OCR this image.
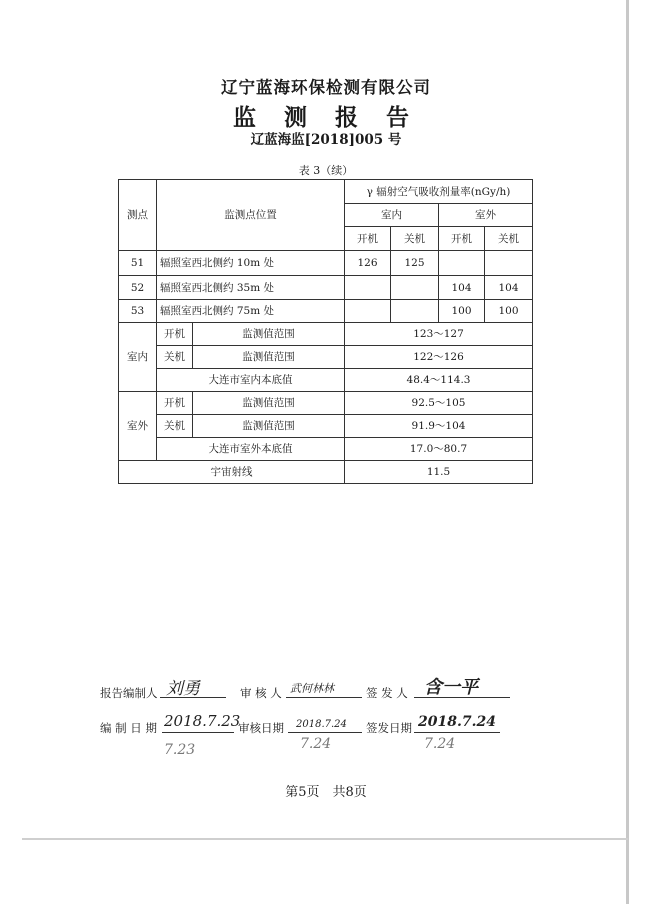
辽宁蓝海环保检测有限公司
监 测 报 告
辽蓝海监[2018]005 号
表 3（续）
测点	监测点位置		γ 辐射空气吸收剂量率(nGy/h)			
			室内		室外	
			开机	关机	开机	关机
51	辐照室西北侧约 10m 处		126	125		
52	辐照室西北侧约 35m 处				104	104
53	辐照室西北侧约 75m 处				100	100
室内	开机	监测值范围	123～127			
	关机	监测值范围	122～126			
	大连市室内本底值		48.4～114.3			
室外	开机	监测值范围	92.5～105			
	关机	监测值范围	91.9～104			
	大连市室外本底值		17.0～80.7			
宇宙射线			11.5			
报告编制人 刘勇	审 核 人 武何林林	签 发 人 含一平
编 制 日 期 2018.7.23
审核日期 2018.7.24 签发日期 2018.7.24
7.23	7.24	7.24
第5页　共8页
